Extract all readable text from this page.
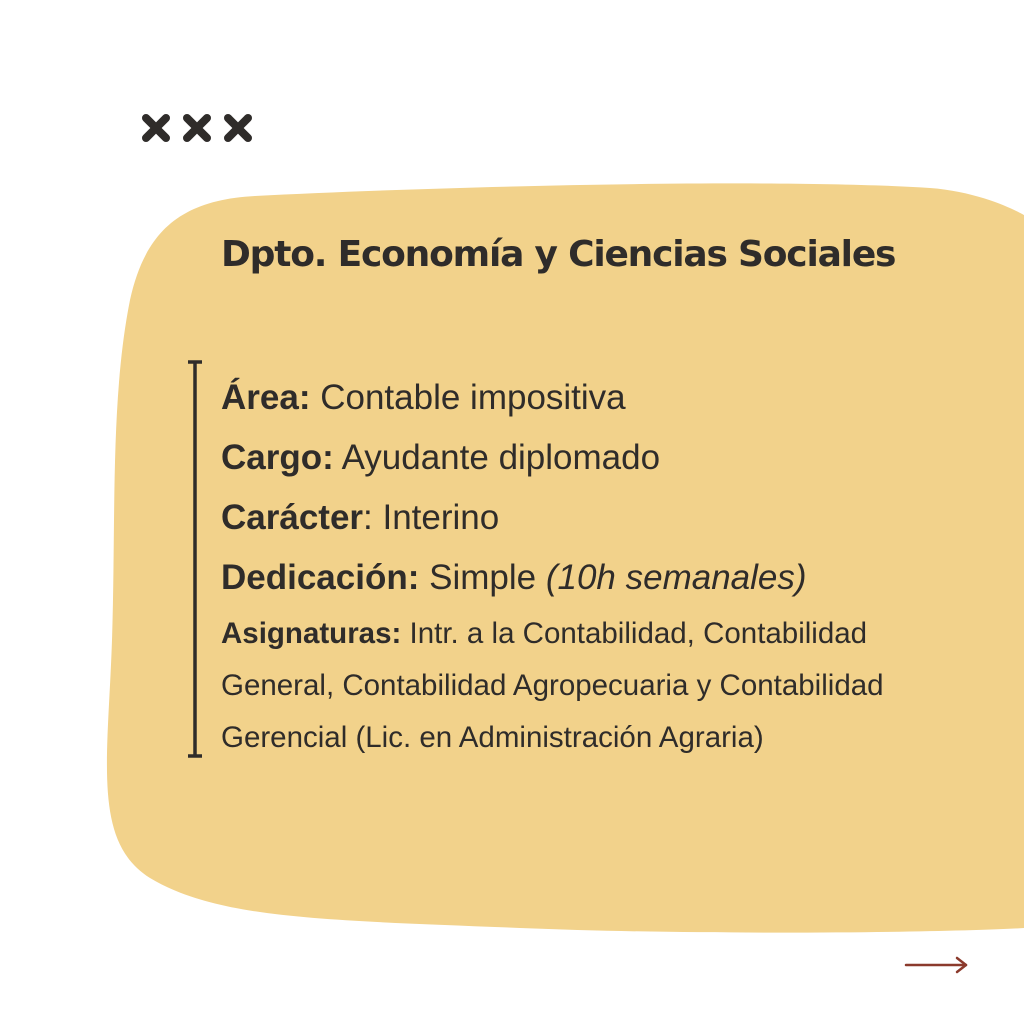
Dpto. Economía y Ciencias Sociales
Área: Contable impositiva
Cargo: Ayudante diplomado
Carácter: Interino
Dedicación: Simple (10h semanales)
Asignaturas: Intr. a la Contabilidad, Contabilidad General, Contabilidad Agropecuaria y Contabilidad Gerencial (Lic. en Administración Agraria)
